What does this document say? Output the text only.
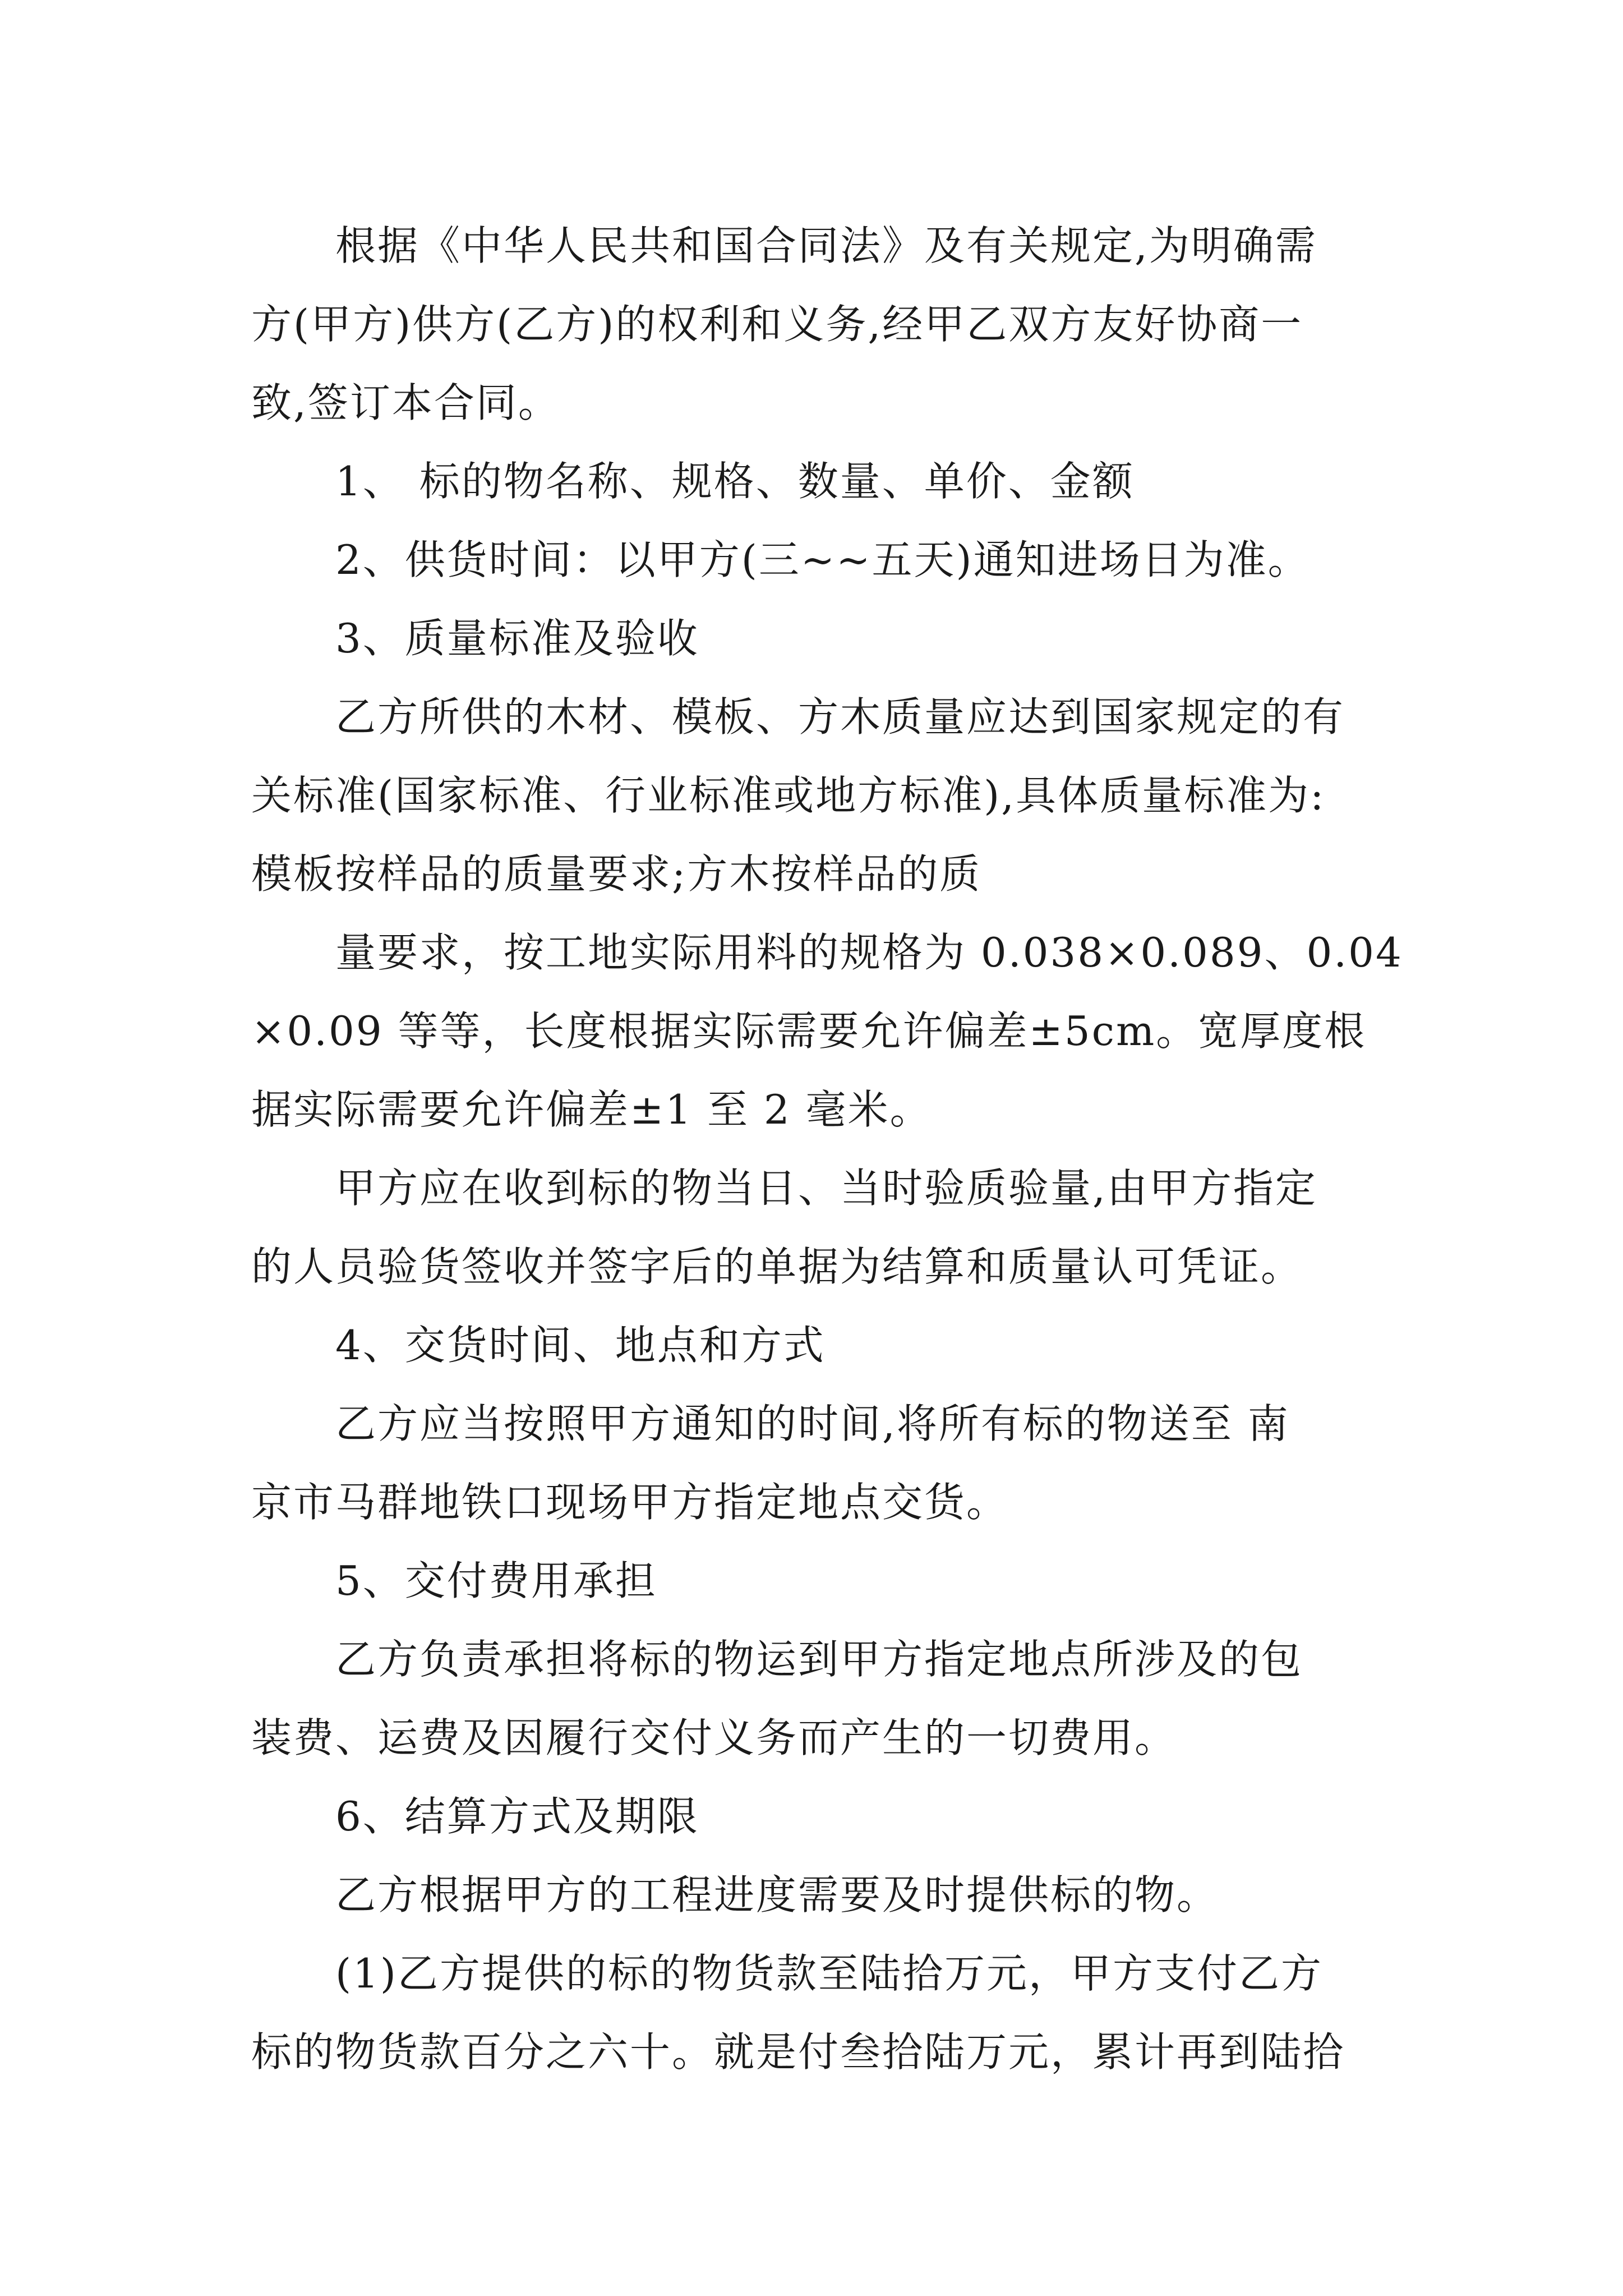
根据《中华人民共和国合同法》及有关规定,为明确需
方(甲方)供方(乙方)的权利和义务,经甲乙双方友好协商一
致,签订本合同。
1、 标的物名称、规格、数量、单价、金额
2、供货时间：以甲方(三~~五天)通知进场日为准。
3、质量标准及验收
乙方所供的木材、模板、方木质量应达到国家规定的有
关标准(国家标准、行业标准或地方标准),具体质量标准为:
模板按样品的质量要求;方木按样品的质
量要求，按工地实际用料的规格为 0.038×0.089、0.04
×0.09 等等，长度根据实际需要允许偏差±5cm。宽厚度根
据实际需要允许偏差±1 至 2 毫米。
甲方应在收到标的物当日、当时验质验量,由甲方指定
的人员验货签收并签字后的单据为结算和质量认可凭证。
4、交货时间、地点和方式
乙方应当按照甲方通知的时间,将所有标的物送至 南
京市马群地铁口现场甲方指定地点交货。
5、交付费用承担
乙方负责承担将标的物运到甲方指定地点所涉及的包
装费、运费及因履行交付义务而产生的一切费用。
6、结算方式及期限
乙方根据甲方的工程进度需要及时提供标的物。
(1)乙方提供的标的物货款至陆拾万元，甲方支付乙方
标的物货款百分之六十。就是付叁拾陆万元，累计再到陆拾
